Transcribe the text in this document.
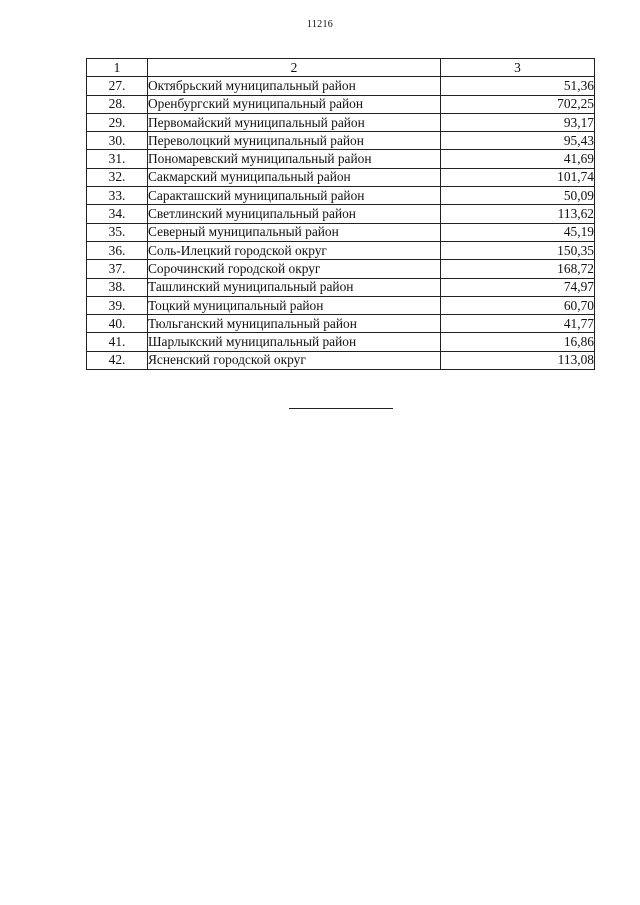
11216
1	2	3
27.	Октябрьский муниципальный район	51,36
28.	Оренбургский муниципальный район	702,25
29.	Первомайский муниципальный район	93,17
30.	Переволоцкий муниципальный район	95,43
31.	Пономаревский муниципальный район	41,69
32.	Сакмарский муниципальный район	101,74
33.	Саракташский муниципальный район	50,09
34.	Светлинский муниципальный район	113,62
35.	Северный муниципальный район	45,19
36.	Соль-Илецкий городской округ	150,35
37.	Сорочинский городской округ	168,72
38.	Ташлинский муниципальный район	74,97
39.	Тоцкий муниципальный район	60,70
40.	Тюльганский муниципальный район	41,77
41.	Шарлыкский муниципальный район	16,86
42.	Ясненский городской округ	113,08
